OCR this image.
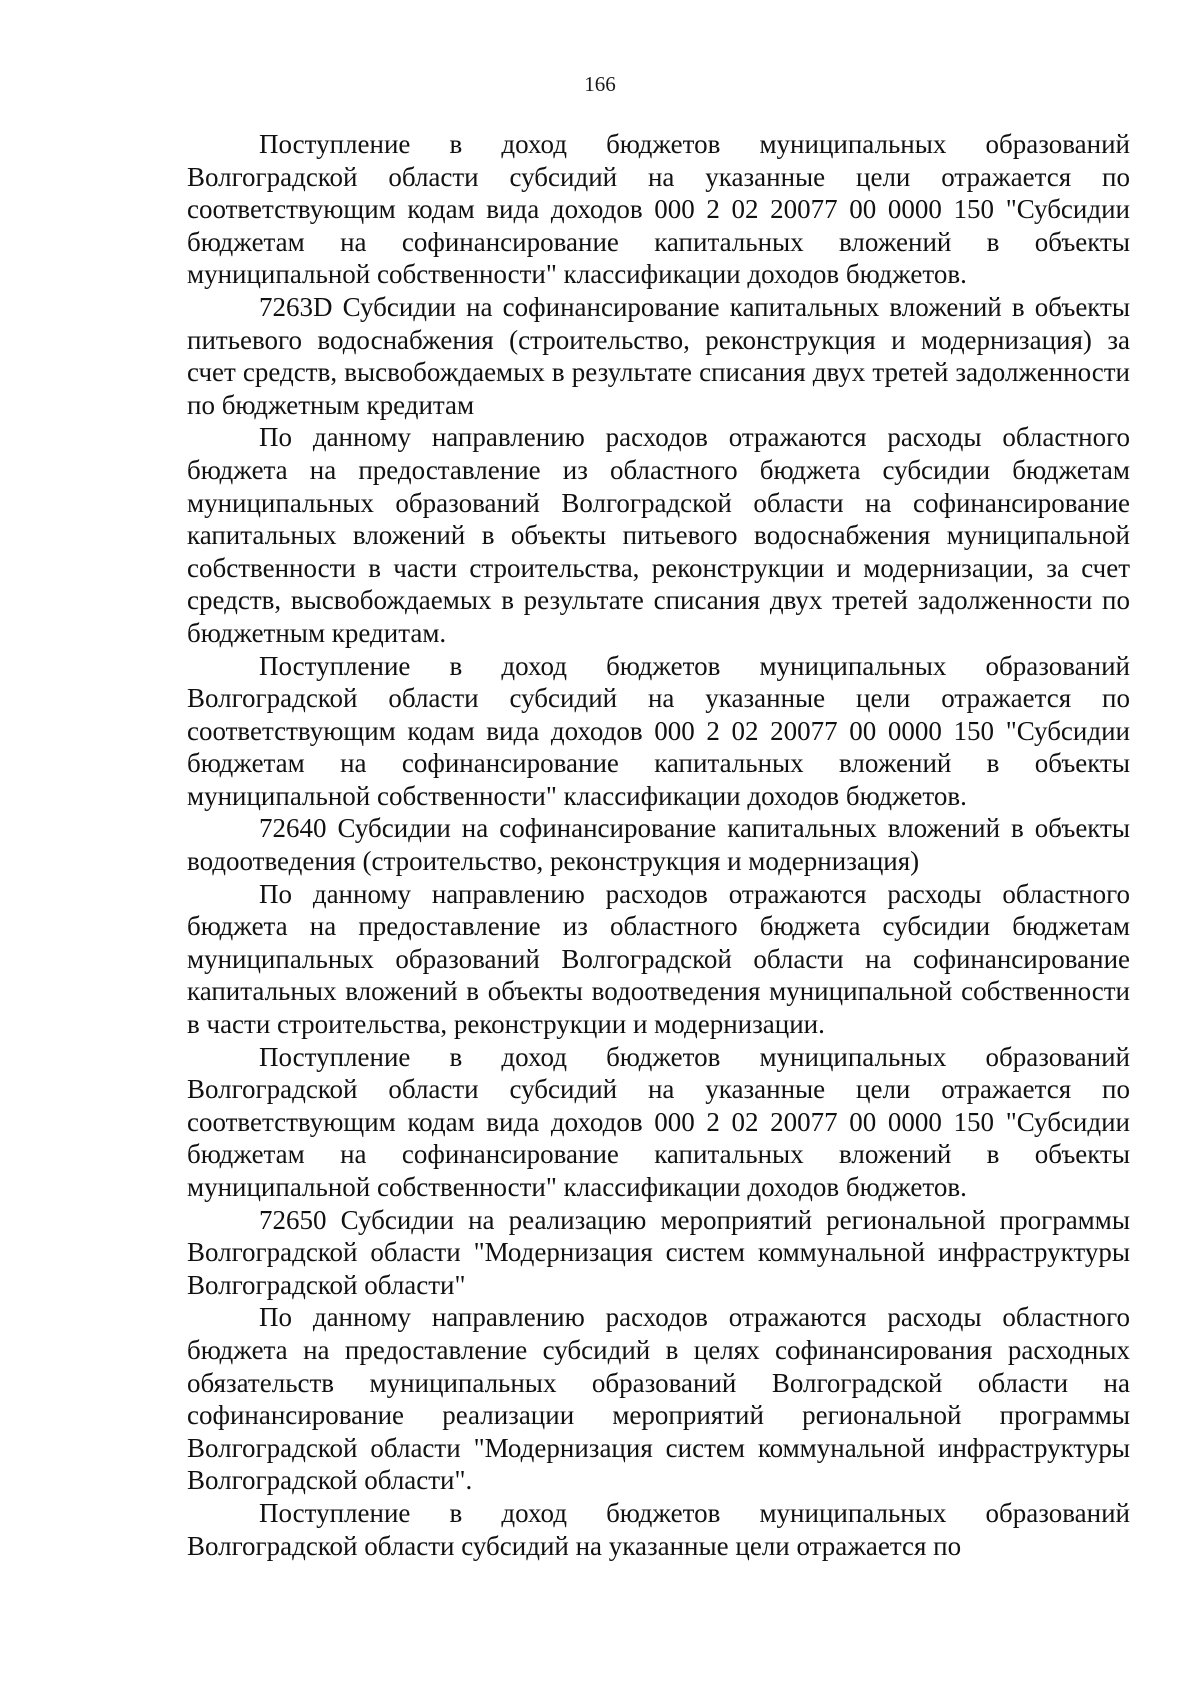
166

Поступление в доход бюджетов муниципальных образований Волгоградской области субсидий на указанные цели отражается по соответствующим кодам вида доходов 000 2 02 20077 00 0000 150 "Субсидии бюджетам на софинансирование капитальных вложений в объекты муниципальной собственности" классификации доходов бюджетов.

7263D Субсидии на софинансирование капитальных вложений в объекты питьевого водоснабжения (строительство, реконструкция и модернизация) за счет средств, высвобождаемых в результате списания двух третей задолженности по бюджетным кредитам

По данному направлению расходов отражаются расходы областного бюджета на предоставление из областного бюджета субсидии бюджетам муниципальных образований Волгоградской области на софинансирование капитальных вложений в объекты питьевого водоснабжения муниципальной собственности в части строительства, реконструкции и модернизации, за счет средств, высвобождаемых в результате списания двух третей задолженности по бюджетным кредитам.

Поступление в доход бюджетов муниципальных образований Волгоградской области субсидий на указанные цели отражается по соответствующим кодам вида доходов 000 2 02 20077 00 0000 150 "Субсидии бюджетам на софинансирование капитальных вложений в объекты муниципальной собственности" классификации доходов бюджетов.

72640 Субсидии на софинансирование капитальных вложений в объекты водоотведения (строительство, реконструкция и модернизация)

По данному направлению расходов отражаются расходы областного бюджета на предоставление из областного бюджета субсидии бюджетам муниципальных образований Волгоградской области на софинансирование капитальных вложений в объекты водоотведения муниципальной собственности в части строительства, реконструкции и модернизации.

Поступление в доход бюджетов муниципальных образований Волгоградской области субсидий на указанные цели отражается по соответствующим кодам вида доходов 000 2 02 20077 00 0000 150 "Субсидии бюджетам на софинансирование капитальных вложений в объекты муниципальной собственности" классификации доходов бюджетов.

72650 Субсидии на реализацию мероприятий региональной программы Волгоградской области "Модернизация систем коммунальной инфраструктуры Волгоградской области"

По данному направлению расходов отражаются расходы областного бюджета на предоставление субсидий в целях софинансирования расходных обязательств муниципальных образований Волгоградской области на софинансирование реализации мероприятий региональной программы Волгоградской области "Модернизация систем коммунальной инфраструктуры Волгоградской области".

Поступление в доход бюджетов муниципальных образований Волгоградской области субсидий на указанные цели отражается по
